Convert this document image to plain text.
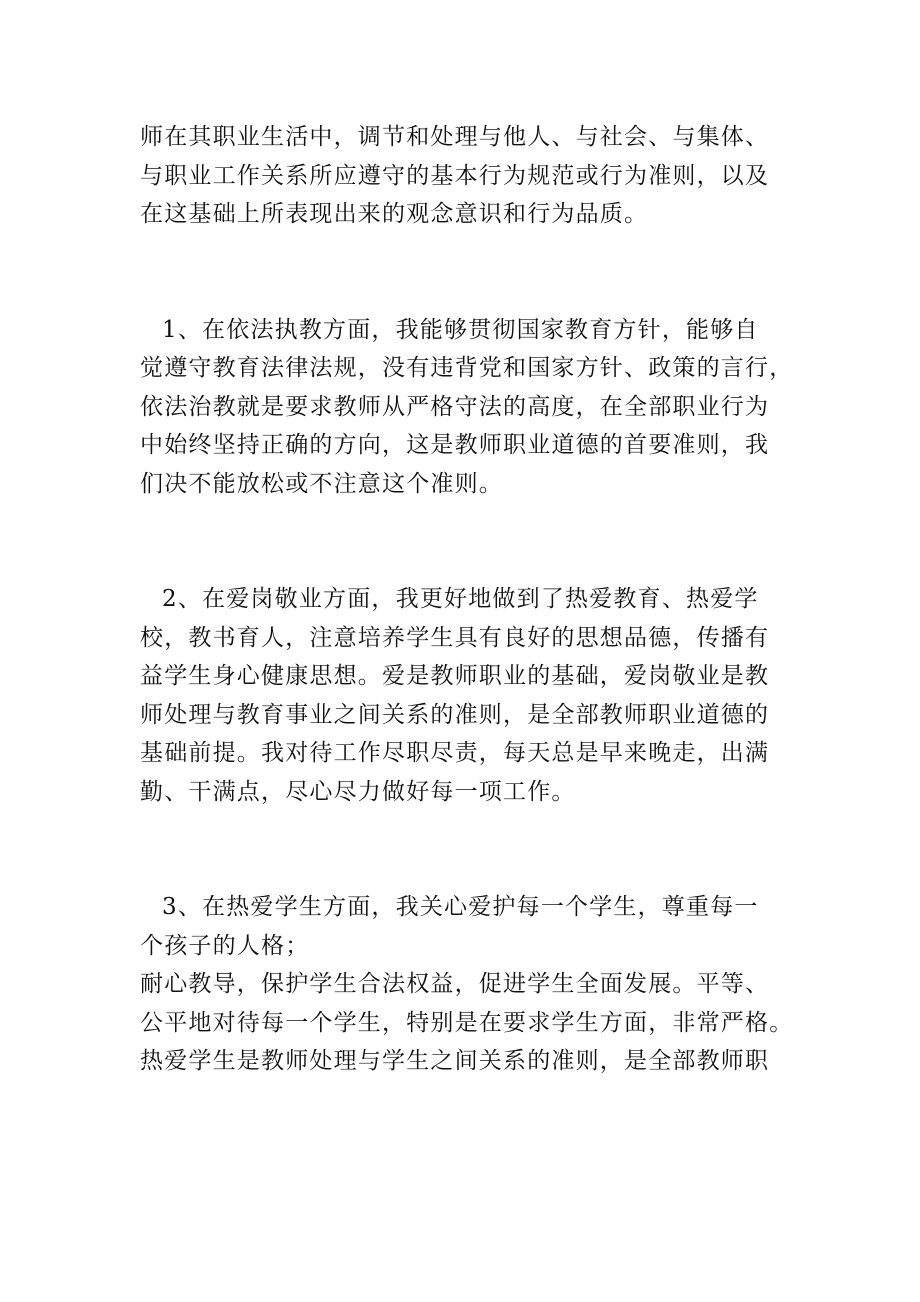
师在其职业生活中，调节和处理与他人、与社会、与集体、
与职业工作关系所应遵守的基本行为规范或行为准则，以及
在这基础上所表现出来的观念意识和行为品质。
1、在依法执教方面，我能够贯彻国家教育方针，能够自
觉遵守教育法律法规，没有违背党和国家方针、政策的言行，
依法治教就是要求教师从严格守法的高度，在全部职业行为
中始终坚持正确的方向，这是教师职业道德的首要准则，我
们决不能放松或不注意这个准则。
2、在爱岗敬业方面，我更好地做到了热爱教育、热爱学
校，教书育人，注意培养学生具有良好的思想品德，传播有
益学生身心健康思想。爱是教师职业的基础，爱岗敬业是教
师处理与教育事业之间关系的准则，是全部教师职业道德的
基础前提。我对待工作尽职尽责，每天总是早来晚走，出满
勤、干满点，尽心尽力做好每一项工作。
3、在热爱学生方面，我关心爱护每一个学生，尊重每一
个孩子的人格；
耐心教导，保护学生合法权益，促进学生全面发展。平等、
公平地对待每一个学生，特别是在要求学生方面，非常严格。
热爱学生是教师处理与学生之间关系的准则，是全部教师职
